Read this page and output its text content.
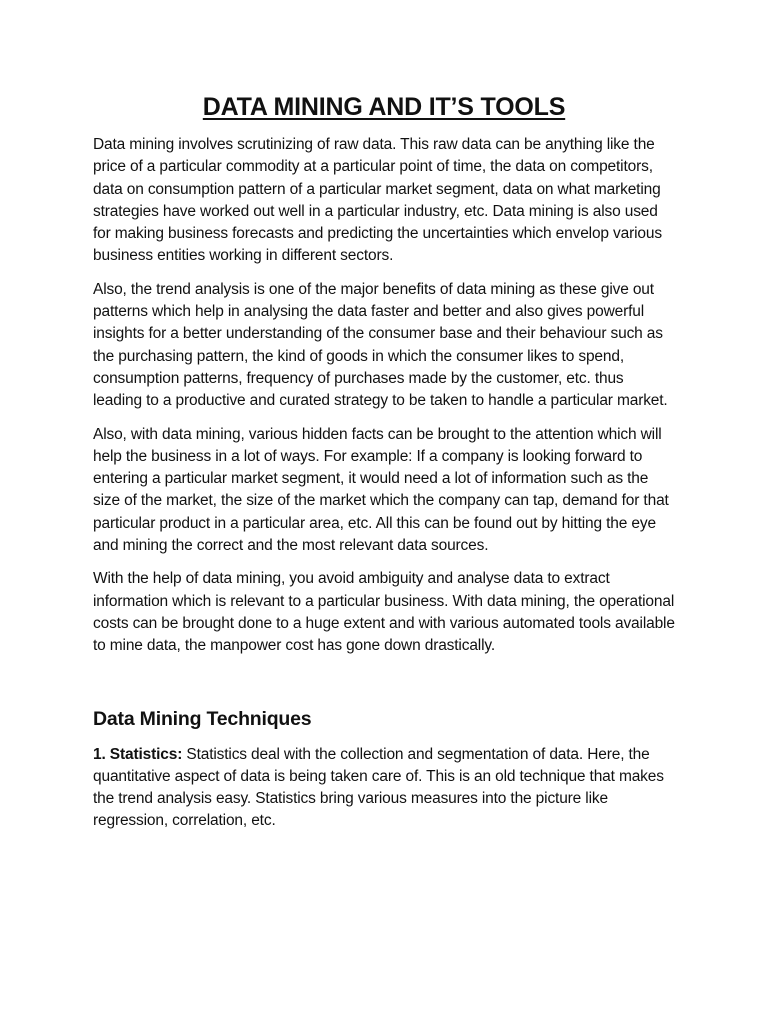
DATA MINING AND IT’S TOOLS

Data mining involves scrutinizing of raw data. This raw data can be anything like the price of a particular commodity at a particular point of time, the data on competitors, data on consumption pattern of a particular market segment, data on what marketing strategies have worked out well in a particular industry, etc. Data mining is also used for making business forecasts and predicting the uncertainties which envelop various business entities working in different sectors.

Also, the trend analysis is one of the major benefits of data mining as these give out patterns which help in analysing the data faster and better and also gives powerful insights for a better understanding of the consumer base and their behaviour such as the purchasing pattern, the kind of goods in which the consumer likes to spend, consumption patterns, frequency of purchases made by the customer, etc. thus leading to a productive and curated strategy to be taken to handle a particular market.

Also, with data mining, various hidden facts can be brought to the attention which will help the business in a lot of ways. For example: If a company is looking forward to entering a particular market segment, it would need a lot of information such as the size of the market, the size of the market which the company can tap, demand for that particular product in a particular area, etc. All this can be found out by hitting the eye and mining the correct and the most relevant data sources.

With the help of data mining, you avoid ambiguity and analyse data to extract information which is relevant to a particular business. With data mining, the operational costs can be brought done to a huge extent and with various automated tools available to mine data, the manpower cost has gone down drastically.

Data Mining Techniques

1. Statistics: Statistics deal with the collection and segmentation of data. Here, the quantitative aspect of data is being taken care of. This is an old technique that makes the trend analysis easy. Statistics bring various measures into the picture like regression, correlation, etc.
